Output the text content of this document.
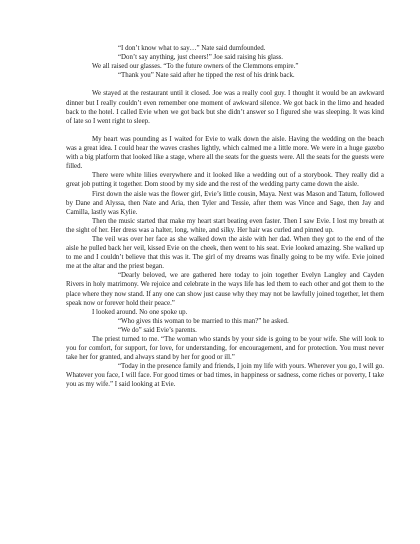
“I don’t know what to say…” Nate said dumfounded.

“Don’t say anything, just cheers!” Joe said raising his glass.

We all raised our glasses. “To the future owners of the Clemmons empire.”

“Thank you” Nate said after he tipped the rest of his drink back.

We stayed at the restaurant until it closed. Joe was a really cool guy. I thought it would be an awkward dinner but I really couldn’t even remember one moment of awkward silence. We got back in the limo and headed back to the hotel. I called Evie when we got back but she didn’t answer so I figured she was sleeping. It was kind of late so I went right to sleep.

My heart was pounding as I waited for Evie to walk down the aisle. Having the wedding on the beach was a great idea. I could hear the waves crashes lightly, which calmed me a little more. We were in a huge gazebo with a big platform that looked like a stage, where all the seats for the guests were. All the seats for the guests were filled.

There were white lilies everywhere and it looked like a wedding out of a storybook. They really did a great job putting it together. Dom stood by my side and the rest of the wedding party came down the aisle.

First down the aisle was the flower girl, Evie’s little cousin, Maya. Next was Mason and Tatum, followed by Dane and Alyssa, then Nate and Aria, then Tyler and Tessie, after them was Vince and Sage, then Jay and Camilla, lastly was Kylie.

Then the music started that make my heart start beating even faster. Then I saw Evie. I lost my breath at the sight of her. Her dress was a halter, long, white, and silky. Her hair was curled and pinned up.

The veil was over her face as she walked down the aisle with her dad. When they got to the end of the aisle he pulled back her veil, kissed Evie on the cheek, then went to his seat. Evie looked amazing. She walked up to me and I couldn’t believe that this was it. The girl of my dreams was finally going to be my wife. Evie joined me at the altar and the priest began.

“Dearly beloved, we are gathered here today to join together Evelyn Langley and Cayden Rivers in holy matrimony. We rejoice and celebrate in the ways life has led them to each other and got them to the place where they now stand. If any one can show just cause why they may not be lawfully joined together, let them speak now or forever hold their peace.”

I looked around. No one spoke up.

“Who gives this woman to be married to this man?” he asked.

“We do” said Evie’s parents.

The priest turned to me. “The woman who stands by your side is going to be your wife. She will look to you for comfort, for support, for love, for understanding, for encouragement, and for protection. You must never take her for granted, and always stand by her for good or ill.”

“Today in the presence family and friends, I join my life with yours. Wherever you go, I will go. Whatever you face, I will face. For good times or bad times, in happiness or sadness, come riches or poverty, I take you as my wife.” I said looking at Evie.
